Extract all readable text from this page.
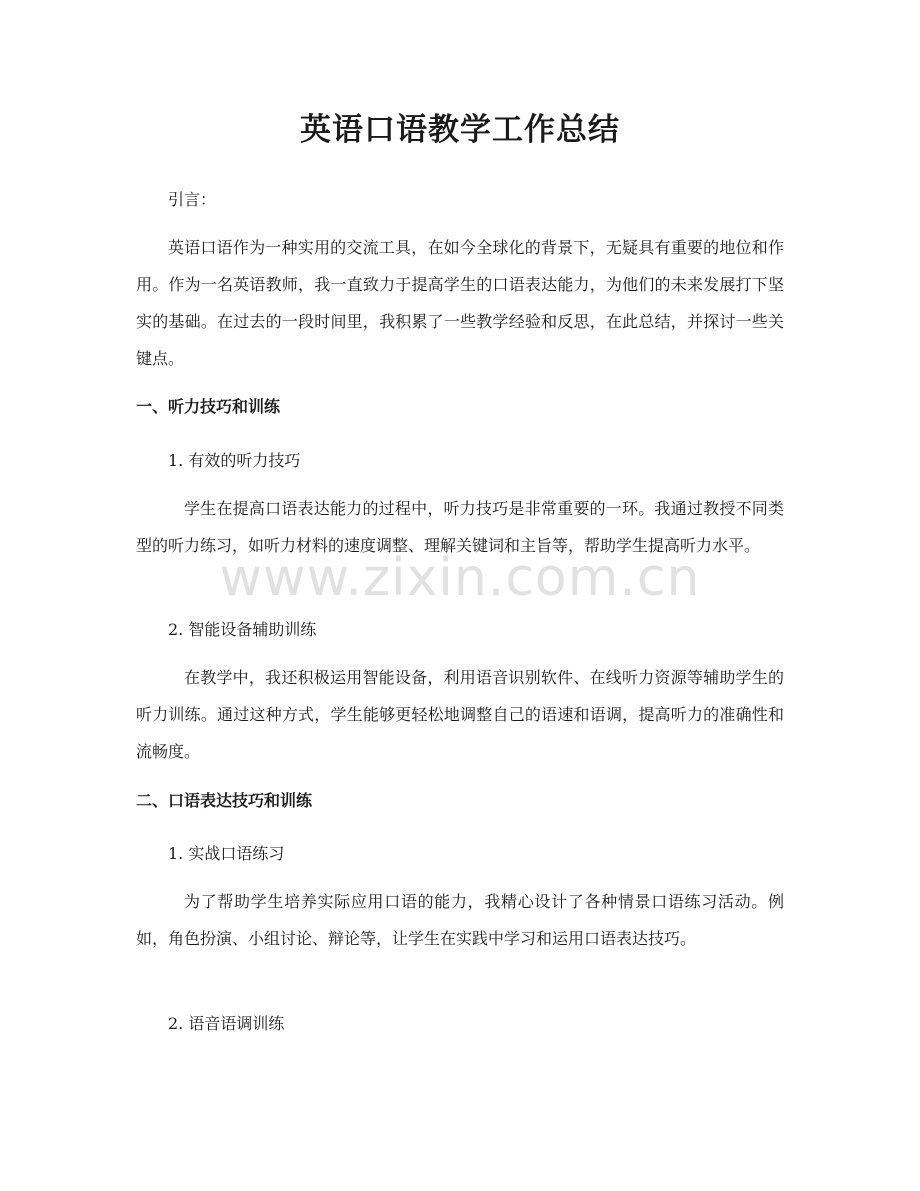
英语口语教学工作总结

引言：

英语口语作为一种实用的交流工具，在如今全球化的背景下，无疑具有重要的地位和作用。作为一名英语教师，我一直致力于提高学生的口语表达能力，为他们的未来发展打下坚实的基础。在过去的一段时间里，我积累了一些教学经验和反思，在此总结，并探讨一些关键点。

一、听力技巧和训练

1. 有效的听力技巧

学生在提高口语表达能力的过程中，听力技巧是非常重要的一环。我通过教授不同类型的听力练习，如听力材料的速度调整、理解关键词和主旨等，帮助学生提高听力水平。

2. 智能设备辅助训练

在教学中，我还积极运用智能设备，利用语音识别软件、在线听力资源等辅助学生的听力训练。通过这种方式，学生能够更轻松地调整自己的语速和语调，提高听力的准确性和流畅度。

二、口语表达技巧和训练

1. 实战口语练习

为了帮助学生培养实际应用口语的能力，我精心设计了各种情景口语练习活动。例如，角色扮演、小组讨论、辩论等，让学生在实践中学习和运用口语表达技巧。

2. 语音语调训练

www.zixin.com.cn
